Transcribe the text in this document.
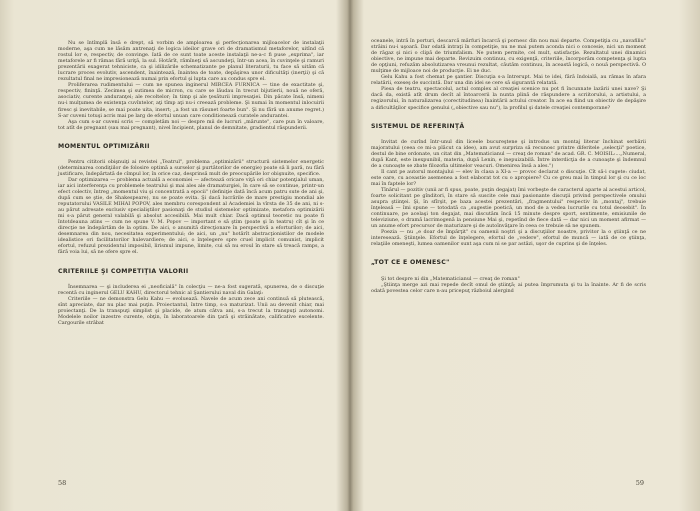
Nu se întîmplă însă e drept, să vorbim de amploarea şi perfecţionarea mijloacelor de instalaţii moderne, aşa cum ne lăsăm antrenaţi de logica ideilor grave ori de dramatismul metaforelor, uitînd că rostul lor e, respectiv, de convinge. Iată de ce sunt toate aceste instalaţii ne-a-c fi puse „exprima", iar metaforele ar fi rămas fără uriţă, la sul. Hotărît, rămîneţi să ascundeţi, într-un acea, în cuvinţele şi ramuri prezentării exagerat tehniciste, ca şi idilizările schematizante pe planul literaturii, tu face să uităm că lucrare proces evolutiv, ascendent, înaintează, înaintea de toate, depăşirea unor dificultăţi (inerţii) şi că rezultatul final ne impresionează numai prin efortul şi lupta care au condus spre el.

Proliferarea rudimentului — cum ne spunea inginerul MIRCEA FURNICA — tine de exactitate şi, respectiv, fininţă. Zecimea şi sutimea de micron, cu care se lăudau în trecut bijutierii, nouă ne oferă, asociativ, curente anduranţei; ale recoltelor; în timp şi ale ţesăturii impresaţiei. Din păcate însă, nimeni nu-i mulţumea de existenţa cuvîntelor, aţi tîmp aţi nu-i creează probleme. Şi numai în momentul inlocuirii firesc şi inevitabile, se mai poate uita, insert; „a fost un răsunet foarte bun". Şi nu fără un anume regret.) S-ar cuveni totuşi acris mai pe larg de efortul unuan care conditionează curatele andurantei.

Aşa cum s-ar cuveni scris — completăm noi — despre mii de lucruri „mărunte", care pun în valoare, tot atît de pregnant (sau mai pregnant), nivel încipient, planul de demnitate, gradientul răspunderii.

MOMENTUL OPTIMIZĂRII

Pentru cititorii obişnuiţi ai revistei „Teatrul", problema „optimizării" structurii sistemelor energetic (determinarea condiţiilor de folosire optimă a surselor şi purtătorilor de energie) poate să li pară, nu fără justificare, îndepărtată de cîmpul lor, în orice caz, desprinsă mult de preocupările lor obişnuite, specifice.

Dar optimizarea — problema actuală a economiei — afectează oricare viţă ori chiar potenţialul uman, iar aici interferenţa cu problemele teatrului şi mai ales ale dramaturgiei, în care să se continue, printr-un efect colectiv, întreg „momentul viu şi concentrată a epocii" (definiţie dată încă acum patru sute de ani şi, după cum se ştie, de Shakespeare), nu se poate evita. Şi dacă lucrările de mare prestigiu mondial ale reputatorului VASILE MIHAI POPOV, ales membru corespondent al Academiei la vîrsta de 35 de ani, ni s-au părut adresate exclusiv specialiştilor pasionaţi de studiul sistemelor optimizate, metafora optimizării mi s-a părut general valabilă şi absolut accesibilă. Mai mult chiar. Dacă optimul teoretic nu poate fi întotdeauna atins — cum ne spune V. M. Popov — important e să ştim (poate şi în teatru) cît şi în ce direcţie ne îndepărtăm de la optim. De aici, o anumită direcţionare în perspectivă a eforturilor; de aici, desemnarea din nou, necesitatea experimentului; de aici, un „nu" hotărît abstracţionistilor de modele idealistice ori facilitatorilor hulevardiere; de aici, o înţelegere spre cruel implicit comunist, implicit efortul, refuzul prezidentul imposibil, lirismul impune, limite, cui să nu eroul în stare să treacă ramps, a fără voia lui, să ne ofere spre el.

CRITERIILE ŞI COMPETIŢIA VALORII

Însemnarea — şi includerea ei „neoficială" în colecţiu — ne-a fost sugerată, spunerea, de o discuţie recentă cu inginerul GELU KAHU, directorul tehnic al Şantierului naval din Galaţi:

Criteriile — ne demonstra Gelu Kahu — evoluează. Navele de acum zece ani continuă să plutească, sînt apreciate, dar nu plac mai puţin. Proiectantul, între timp, s-a maturizat. Unii au devenit chiar, mai proiectanţi. De la transpuţi simplist şi placide, de atum câtva ani, s-a trecut la transpuţi autonomi. Modelele noilor inzestre curente, obţin, în laboratoarele din ţară şi străinătate, calificative excelente. Cargourile străbat

58

oceanele, intră în porturi, descarcă mărfuri încarcă şi pornesc din nou mai departe. Competiţia cu „navafiliu" străini nu-i uşoară. Dar odată intraţi în competiţie, nu ne mai putem aconda nici o concesie, nici un moment de răgaz şi nici o clipă de triumfalism. Ne putem permite, cel mult, satisfacţie. Rezultatul unei dinamici obiective, ne impune mai departe. Revizuim continuu, cu exigenţă, criteriile, încorporăm competenţa şi lupta de opţiuni, refuzăm absolutizarea vreunui rezultat, căutăm continuu, în această logică, o nouă perspectivă. O mulţime de mijloace noi de producţie. Ei ne duc.

Gelu Kahu a fost chemat pe şantier. Discuţia s-a întrerupt. Mai te idei, fără îndoială, au rămas în afara relatării, exeseş de succintă. Dar una din idei se cere să sigurantă relatată.

Piesa de teatru, spectacolul, actul complex al creaţiei scenice nu pot fi încunnate lazării unei nave? Şi dacă da, există atît drum decît al întoarcerii la nunta plină de răspundere a scriitorului, a artistului, a regizorului, în naturalizarea (corectitudinea) înaintării actului creator. În ace ea fiind un obiectiv de depăşire a dificultăţilor specifice genului („obiective sau nu"), la profilul şi datele creaţiei contemporane?

SISTEMUL DE REFERINŢĂ

Invitat de curînd într-unul din liceele bucureştene şi introdus un montaj literar închinat serbării majoratului (ceea ce mi-a plăcut ca idee), am avut surpriza să recunosc printre diferitele „selecţii" poetice, destul de bine ordonate, un citat din „Matematicianul — creaţ de roman" de acad. GR. C. MOISIL:...„Numeral, după Kant, este inexpunibil, materia, după Lenin, e inepuizabilă. Între interdicţia de a cunoaşte şi îndemnul de a cunoaşte se zbate filozofia ultimelor veacuri. Omenirea însă a ales.")

Il cant pe autorul montajului — elev în clasa a XI-a — provoc declarat o discuţie. Cît să-i cugete: ciudat, este oare, cu aceastie asemenea a fost elaborat tot cu o apropiere? Cu ce greu mai în timpul lor şi cu ce loc mai în faptele lor?

Tînărul — pozitiv (unii ar fi spus, poate, puţin degajat) îmi vorbeşte de caracterul aparte al acestui articol, foarte solicitant pe gînditori, în stare să suscite cele mai pasionante discuţii privind perspectivele omului asupra ştiinţei. Şi, în sfîrşit, pe baza acestei prezentări, „fragmentului" respectiv în „montaj", trebuie înţeleasă — îmi spune — totodată ca „sugestie poetică, un mod de a vedea lucrurile cu totul deosebit". În continuare, pe acelaşi ton degajat, mai discutăm încă 15 minute despre sport, sentimente, emisiunile de televiziune, o dramă lacrimogenă la pensiune Mai şi, repetînd de fiece dată — dar nici un moment afirmat — un anume efort precursor de maturizare şi de autoînvăţare în ceea ce trebuie să ne spunem.

Poezia — nu „e doar de împărţit" cu oamenii noştri şi a discuţiilor noastre, privitor la o ştiinţă ce ne interesează. Ştiinţele. Efortul de înţelegere, efortul de „vedere", efortul de muncă — iată de ce ştiinţa, relaţiile omeneşti, lumea oamenilor sunt aşa cum ni se par astăzi, uşor de cuprins şi de înţeles.

„TOT CE E OMENESC"

Şi tot despre ni din „Matematicianul — creaţ de roman"

„Ştiinţa merge azi mai repede decît omul de ştiinţă; ai putea împrumuta şi tu la înainte. Ar fi de scris odată povestea celor care n-au pricepuţ războiul alergind

59
